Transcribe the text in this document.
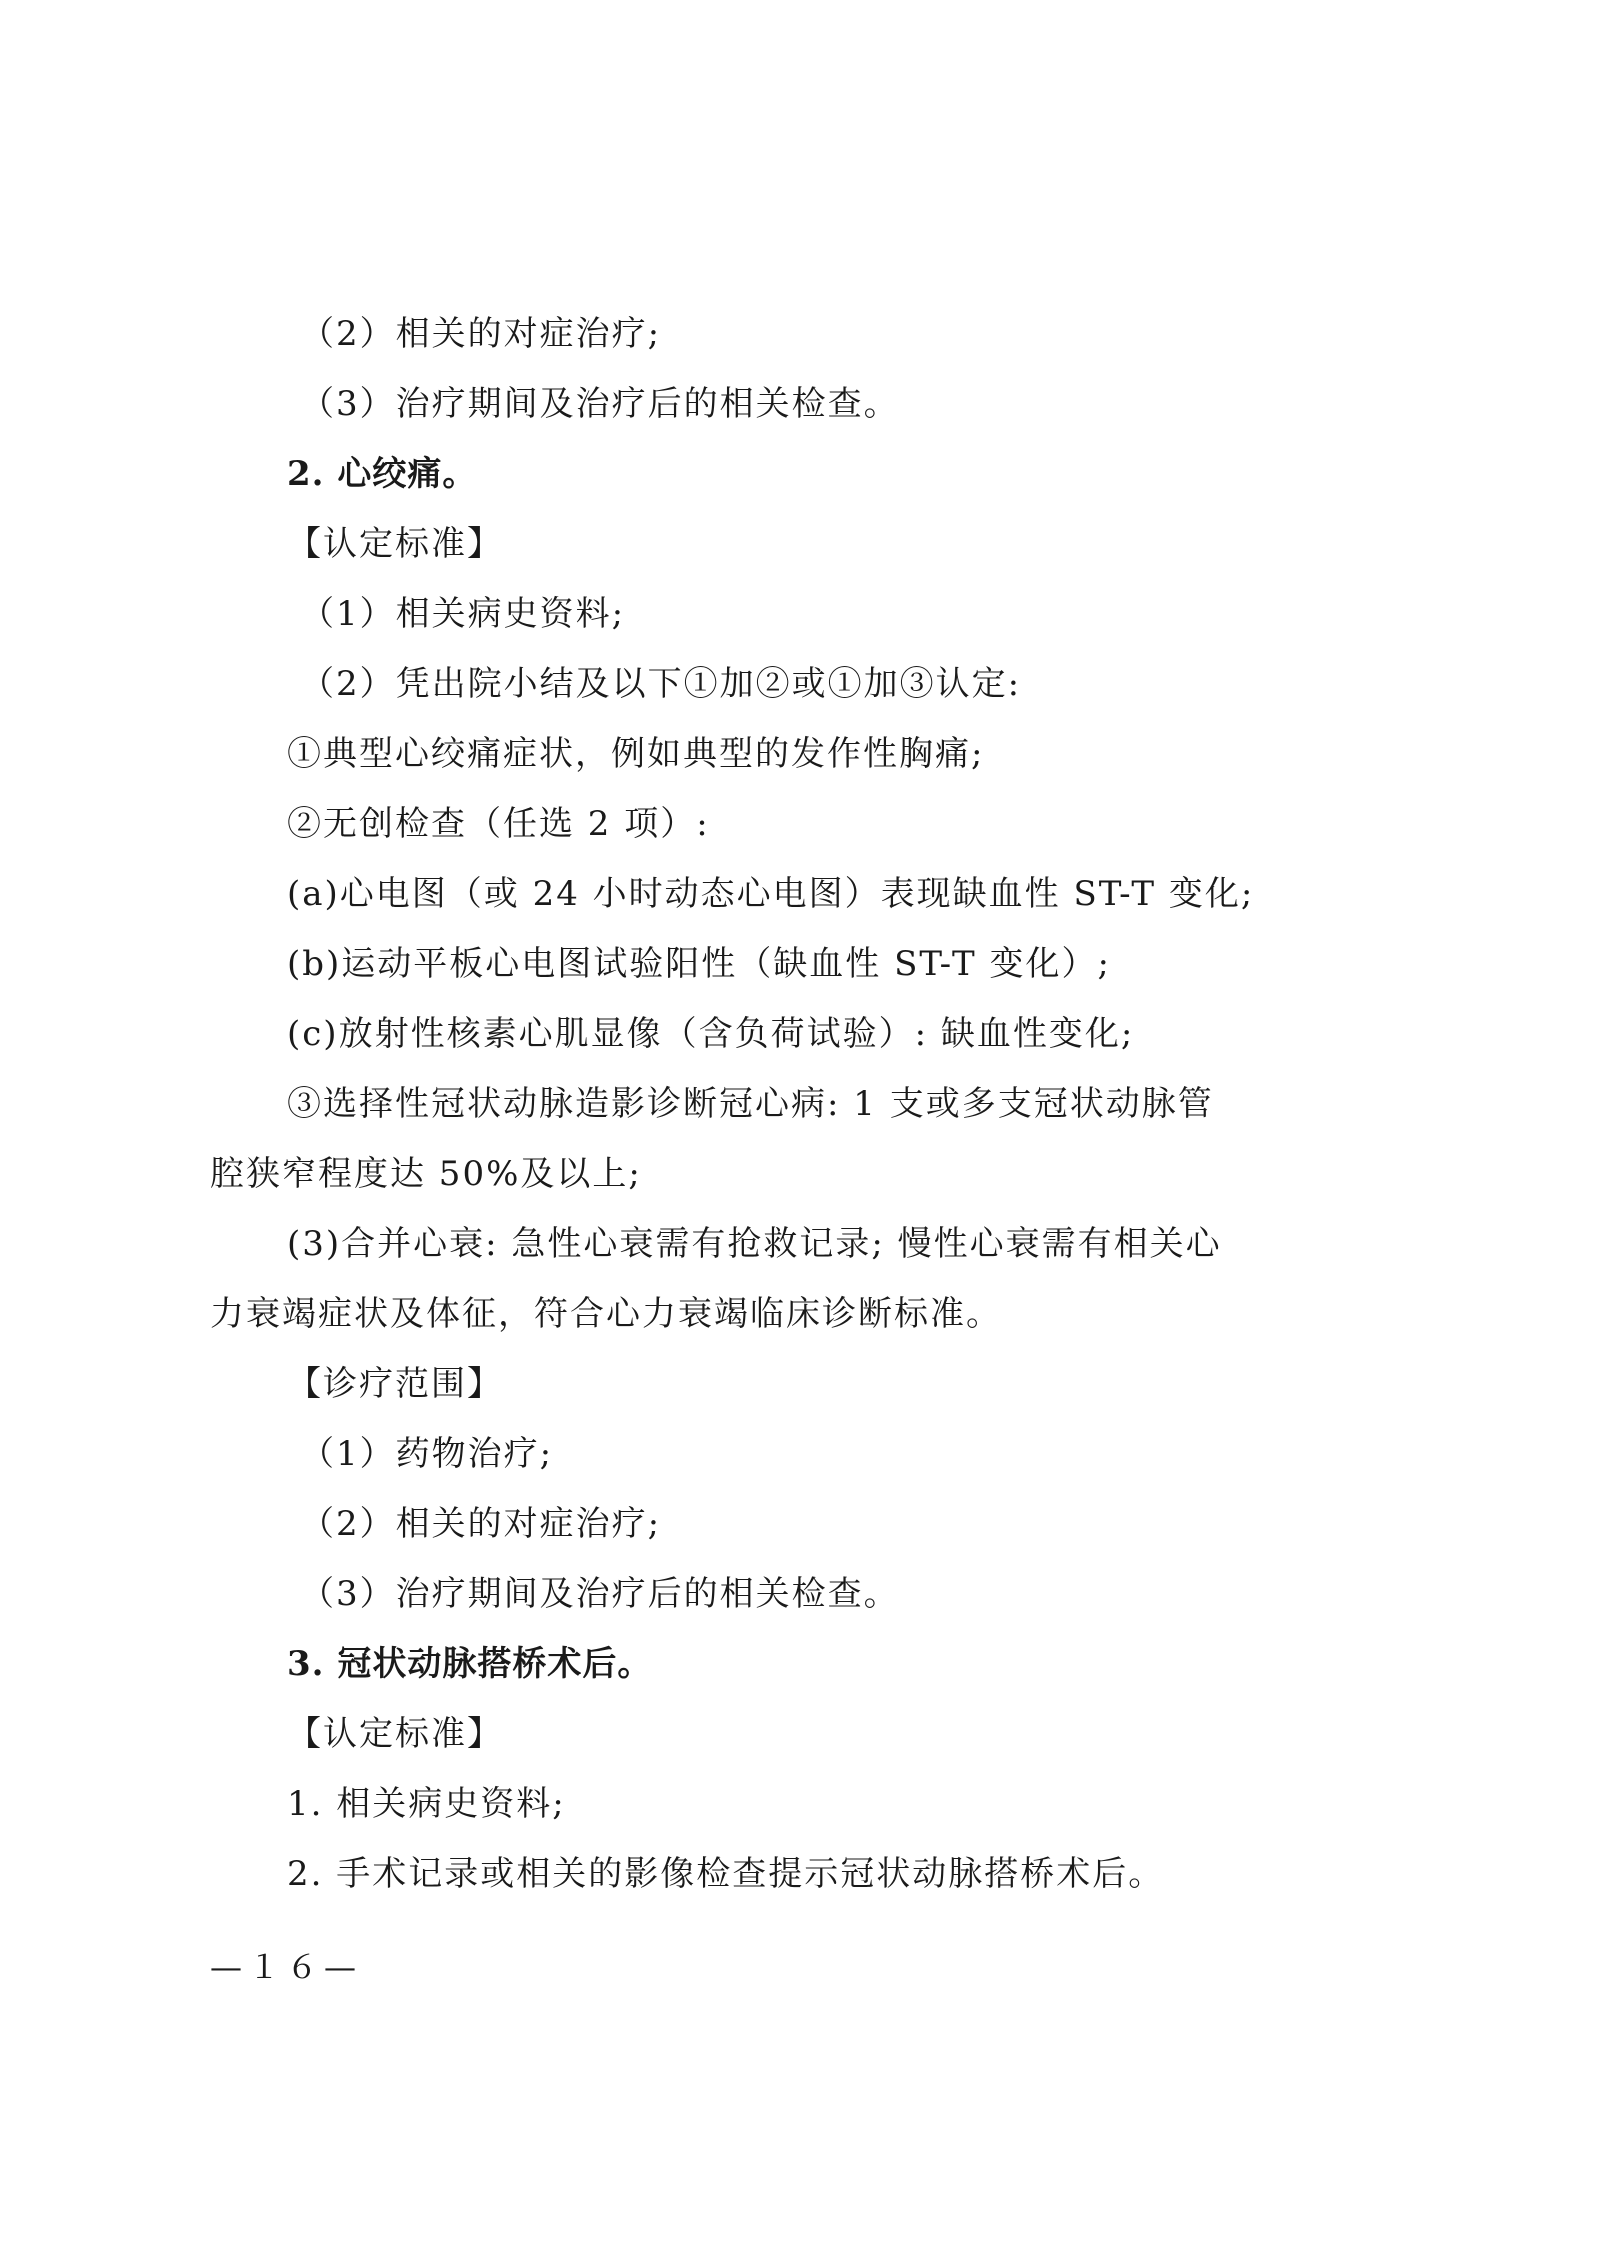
（2）相关的对症治疗;
（3）治疗期间及治疗后的相关检查。
2. 心绞痛。
【认定标准】
（1）相关病史资料;
（2）凭出院小结及以下①加②或①加③认定:
①典型心绞痛症状，例如典型的发作性胸痛;
②无创检查（任选 2 项）:
(a)心电图（或 24 小时动态心电图）表现缺血性 ST-T 变化;
(b)运动平板心电图试验阳性（缺血性 ST-T 变化）;
(c)放射性核素心肌显像（含负荷试验）: 缺血性变化;
③选择性冠状动脉造影诊断冠心病: 1 支或多支冠状动脉管
腔狭窄程度达 50%及以上;
(3)合并心衰: 急性心衰需有抢救记录; 慢性心衰需有相关心
力衰竭症状及体征，符合心力衰竭临床诊断标准。
【诊疗范围】
（1）药物治疗;
（2）相关的对症治疗;
（3）治疗期间及治疗后的相关检查。
3. 冠状动脉搭桥术后。
【认定标准】
1. 相关病史资料;
2. 手术记录或相关的影像检查提示冠状动脉搭桥术后。
—１６—
